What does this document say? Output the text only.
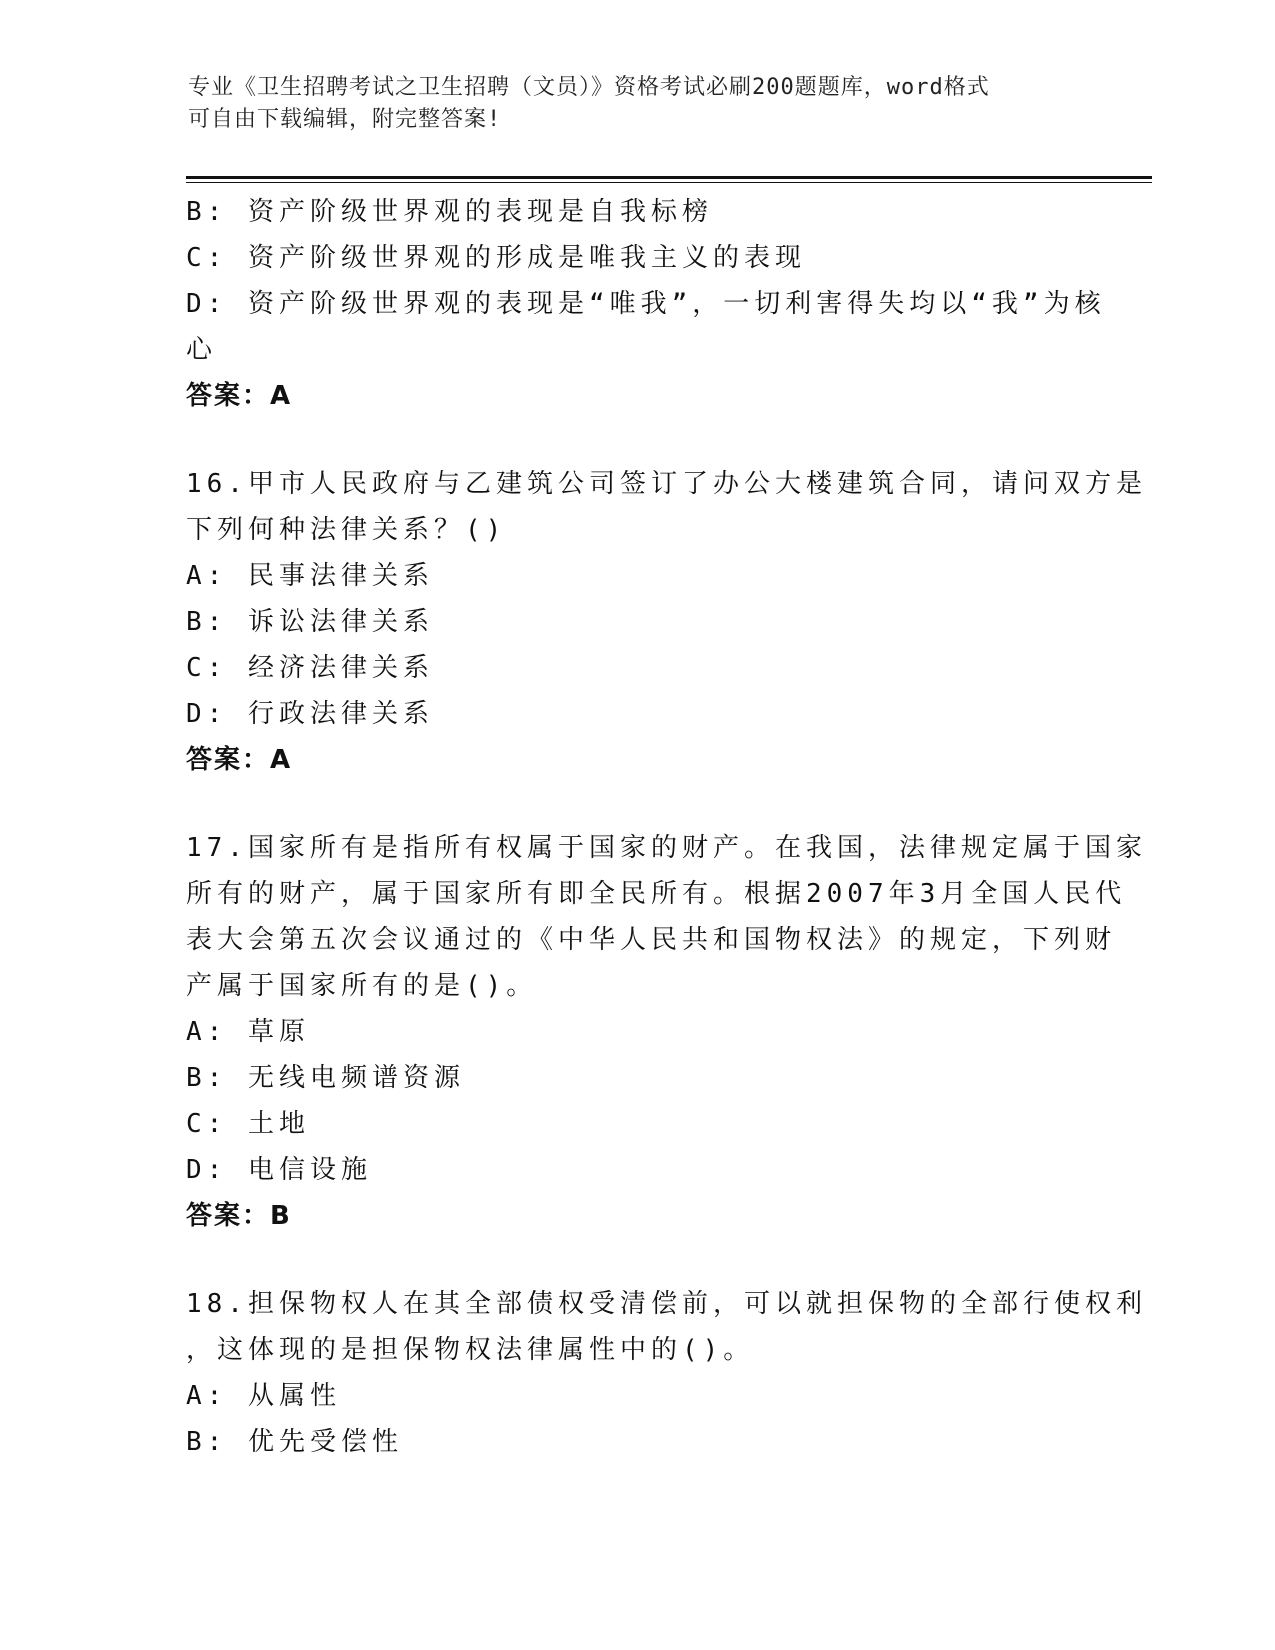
专业《卫生招聘考试之卫生招聘（文员）》资格考试必刷200题题库，word格式
可自由下载编辑，附完整答案!
B: 资产阶级世界观的表现是自我标榜
C: 资产阶级世界观的形成是唯我主义的表现
D: 资产阶级世界观的表现是“唯我”，一切利害得失均以“我”为核
心
答案：A
16.甲市人民政府与乙建筑公司签订了办公大楼建筑合同，请问双方是
下列何种法律关系？()
A: 民事法律关系
B: 诉讼法律关系
C: 经济法律关系
D: 行政法律关系
答案：A
17.国家所有是指所有权属于国家的财产。在我国，法律规定属于国家
所有的财产，属于国家所有即全民所有。根据2007年3月全国人民代
表大会第五次会议通过的《中华人民共和国物权法》的规定，下列财
产属于国家所有的是()。
A: 草原
B: 无线电频谱资源
C: 土地
D: 电信设施
答案：B
18.担保物权人在其全部债权受清偿前，可以就担保物的全部行使权利
，这体现的是担保物权法律属性中的()。
A: 从属性
B: 优先受偿性
